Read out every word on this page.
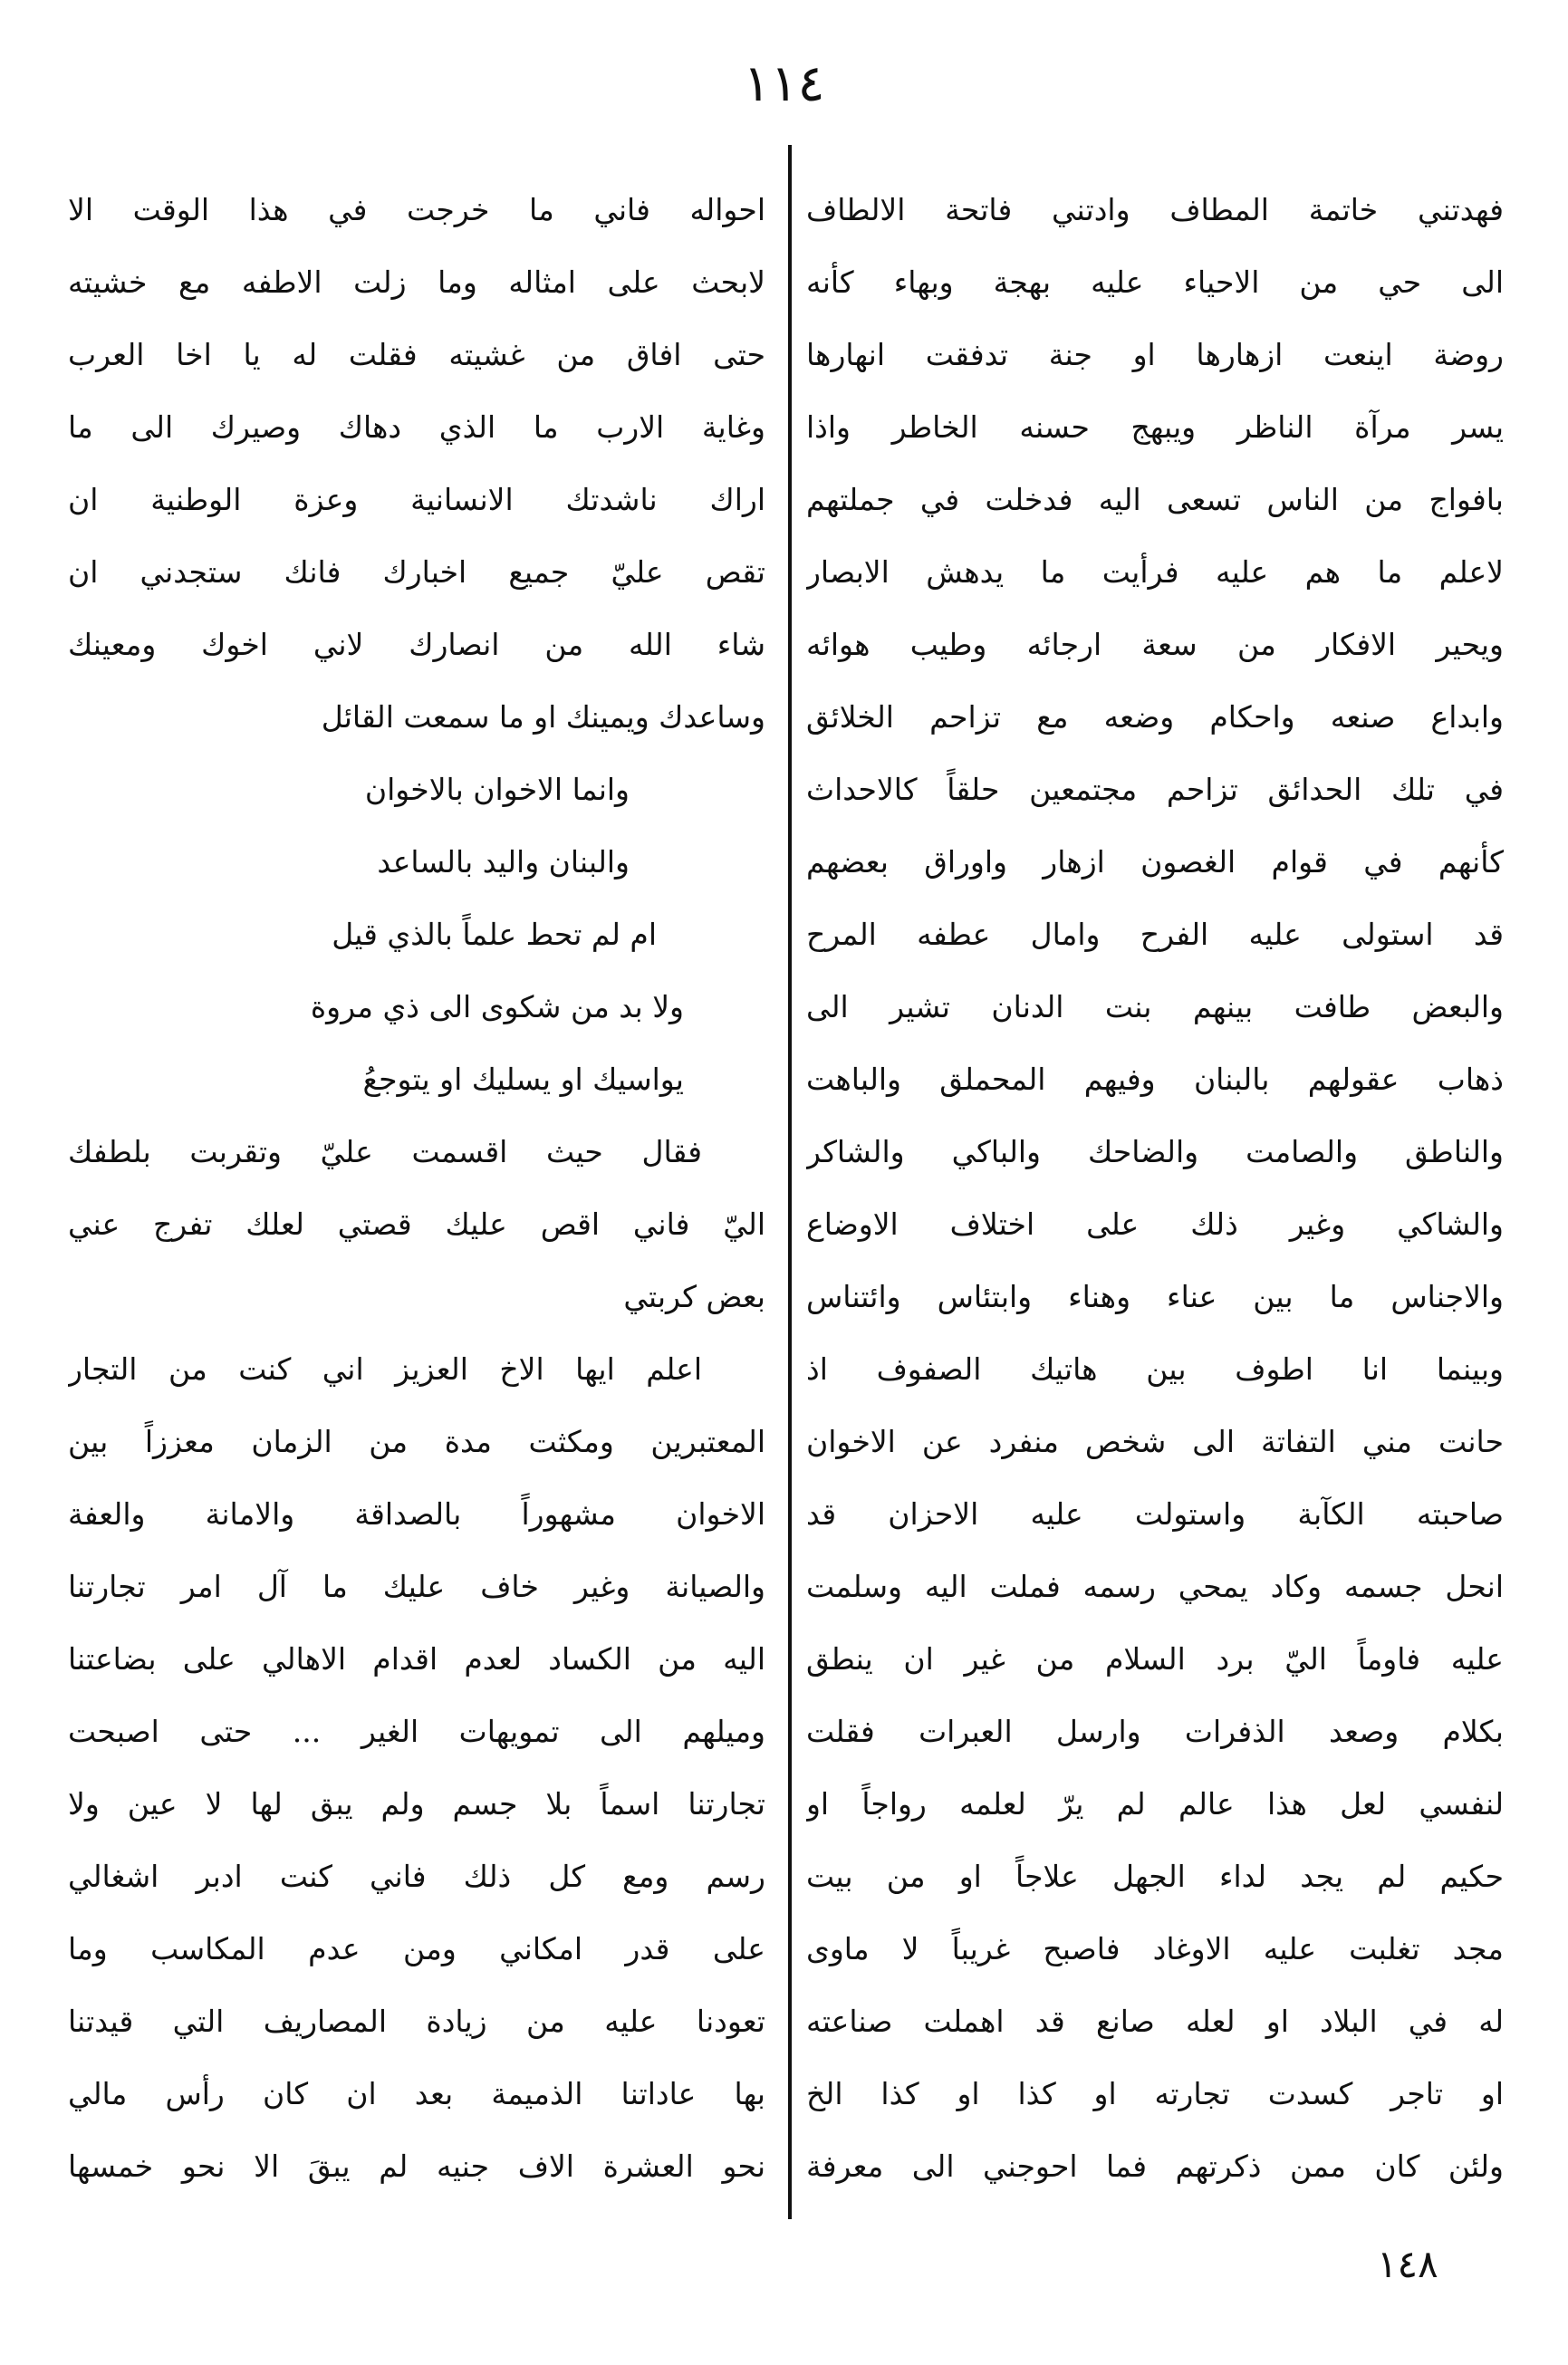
١١٤
فهدتني خاتمة المطاف وادتني فاتحة الالطاف
الى حي من الاحياء عليه بهجة وبهاء كأنه
روضة اينعت ازهارها او جنة تدفقت انهارها
يسر مرآة الناظر ويبهج حسنه الخاطر واذا
بافواج من الناس تسعى اليه فدخلت في جملتهم
لاعلم ما هم عليه فرأيت ما يدهش الابصار
ويحير الافكار من سعة ارجائه وطيب هوائه
وابداع صنعه واحكام وضعه مع تزاحم الخلائق
في تلك الحدائق تزاحم مجتمعين حلقاً كالاحداث
كأنهم في قوام الغصون ازهار واوراق بعضهم
قد استولى عليه الفرح وامال عطفه المرح
والبعض طافت بينهم بنت الدنان تشير الى
ذهاب عقولهم بالبنان وفيهم المحملق والباهت
والناطق والصامت والضاحك والباكي والشاكر
والشاكي وغير ذلك على اختلاف الاوضاع
والاجناس ما بين عناء وهناء وابتئاس وائتناس
وبينما انا اطوف بين هاتيك الصفوف اذ
حانت مني التفاتة الى شخص منفرد عن الاخوان
صاحبته الكآبة واستولت عليه الاحزان قد
انحل جسمه وكاد يمحي رسمه فملت اليه وسلمت
عليه فاوماً اليّ برد السلام من غير ان ينطق
بكلام وصعد الذفرات وارسل العبرات فقلت
لنفسي لعل هذا عالم لم يرّ لعلمه رواجاً او
حكيم لم يجد لداء الجهل علاجاً او من بيت
مجد تغلبت عليه الاوغاد فاصبح غريباً لا ماوى
له في البلاد او لعله صانع قد اهملت صناعته
او تاجر كسدت تجارته او كذا او كذا الخ
ولئن كان ممن ذكرتهم فما احوجني الى معرفة
احواله فاني ما خرجت في هذا الوقت الا
لابحث على امثاله وما زلت الاطفه مع خشيته
حتى افاق من غشيته فقلت له يا اخا العرب
وغاية الارب ما الذي دهاك وصيرك الى ما
اراك ناشدتك الانسانية وعزة الوطنية ان
تقص عليّ جميع اخبارك فانك ستجدني ان
شاء الله من انصارك لاني اخوك ومعينك
وساعدك ويمينك او ما سمعت القائل
وانما الاخوان بالاخوان
والبنان واليد بالساعد
ام لم تحط علماً بالذي قيل
ولا بد من شكوى الى ذي مروة
يواسيك او يسليك او يتوجعُ
فقال حيث اقسمت عليّ وتقربت بلطفك
اليّ فاني اقص عليك قصتي لعلك تفرج عني
بعض كربتي
اعلم ايها الاخ العزيز اني كنت من التجار
المعتبرين ومكثت مدة من الزمان معززاً بين
الاخوان مشهوراً بالصداقة والامانة والعفة
والصيانة وغير خاف عليك ما آل امر تجارتنا
اليه من الكساد لعدم اقدام الاهالي على بضاعتنا
وميلهم الى تمويهات الغير ... حتى اصبحت
تجارتنا اسماً بلا جسم ولم يبق لها لا عين ولا
رسم ومع كل ذلك فاني كنت ادبر اشغالي
على قدر امكاني ومن عدم المكاسب وما
تعودنا عليه من زيادة المصاريف التي قيدتنا
بها عاداتنا الذميمة بعد ان كان رأس مالي
نحو العشرة الاف جنيه لم يبقَ الا نحو خمسها
١٤٨
